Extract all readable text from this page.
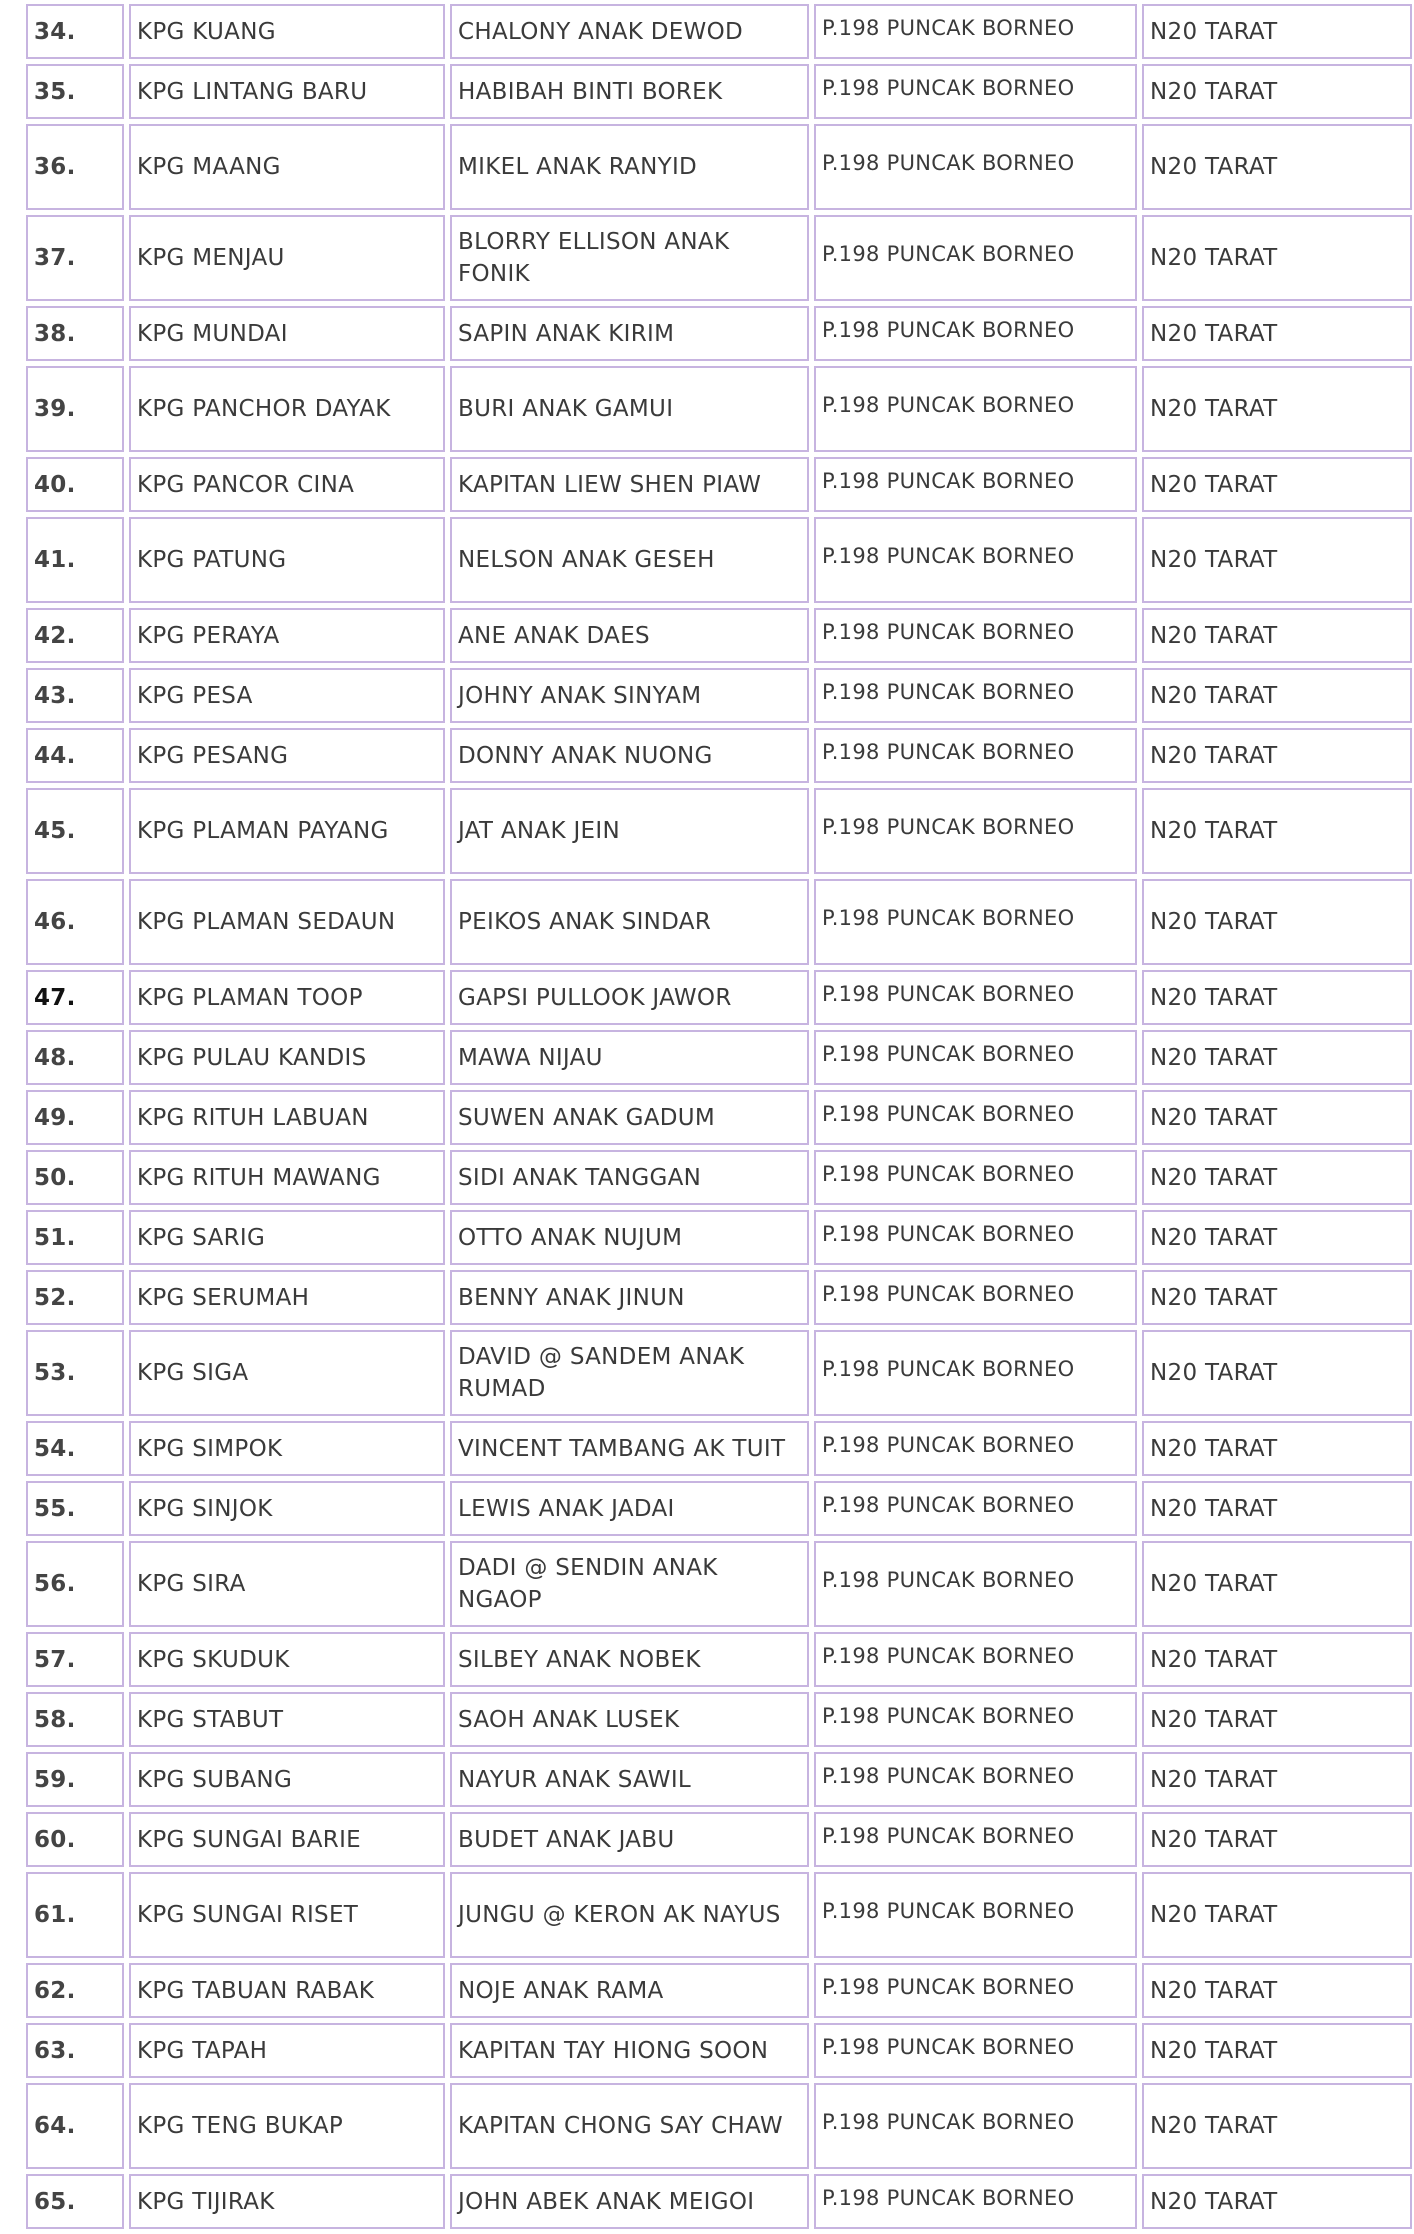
34.	KPG KUANG	CHALONY ANAK DEWOD	P.198 PUNCAK BORNEO	N20 TARAT
35.	KPG LINTANG BARU	HABIBAH BINTI BOREK	P.198 PUNCAK BORNEO	N20 TARAT
36.	KPG MAANG	MIKEL ANAK RANYID	P.198 PUNCAK BORNEO	N20 TARAT
37.	KPG MENJAU	BLORRY ELLISON ANAK FONIK	P.198 PUNCAK BORNEO	N20 TARAT
38.	KPG MUNDAI	SAPIN ANAK KIRIM	P.198 PUNCAK BORNEO	N20 TARAT
39.	KPG PANCHOR DAYAK	BURI ANAK GAMUI	P.198 PUNCAK BORNEO	N20 TARAT
40.	KPG PANCOR CINA	KAPITAN LIEW SHEN PIAW	P.198 PUNCAK BORNEO	N20 TARAT
41.	KPG PATUNG	NELSON ANAK GESEH	P.198 PUNCAK BORNEO	N20 TARAT
42.	KPG PERAYA	ANE ANAK DAES	P.198 PUNCAK BORNEO	N20 TARAT
43.	KPG PESA	JOHNY ANAK SINYAM	P.198 PUNCAK BORNEO	N20 TARAT
44.	KPG PESANG	DONNY ANAK NUONG	P.198 PUNCAK BORNEO	N20 TARAT
45.	KPG PLAMAN PAYANG	JAT ANAK JEIN	P.198 PUNCAK BORNEO	N20 TARAT
46.	KPG PLAMAN SEDAUN	PEIKOS ANAK SINDAR	P.198 PUNCAK BORNEO	N20 TARAT
47.	KPG PLAMAN TOOP	GAPSI PULLOOK JAWOR	P.198 PUNCAK BORNEO	N20 TARAT
48.	KPG PULAU KANDIS	MAWA NIJAU	P.198 PUNCAK BORNEO	N20 TARAT
49.	KPG RITUH LABUAN	SUWEN ANAK GADUM	P.198 PUNCAK BORNEO	N20 TARAT
50.	KPG RITUH MAWANG	SIDI ANAK TANGGAN	P.198 PUNCAK BORNEO	N20 TARAT
51.	KPG SARIG	OTTO ANAK NUJUM	P.198 PUNCAK BORNEO	N20 TARAT
52.	KPG SERUMAH	BENNY ANAK JINUN	P.198 PUNCAK BORNEO	N20 TARAT
53.	KPG SIGA	DAVID @ SANDEM ANAK RUMAD	P.198 PUNCAK BORNEO	N20 TARAT
54.	KPG SIMPOK	VINCENT TAMBANG AK TUIT	P.198 PUNCAK BORNEO	N20 TARAT
55.	KPG SINJOK	LEWIS ANAK JADAI	P.198 PUNCAK BORNEO	N20 TARAT
56.	KPG SIRA	DADI @ SENDIN ANAK NGAOP	P.198 PUNCAK BORNEO	N20 TARAT
57.	KPG SKUDUK	SILBEY ANAK NOBEK	P.198 PUNCAK BORNEO	N20 TARAT
58.	KPG STABUT	SAOH ANAK LUSEK	P.198 PUNCAK BORNEO	N20 TARAT
59.	KPG SUBANG	NAYUR ANAK SAWIL	P.198 PUNCAK BORNEO	N20 TARAT
60.	KPG SUNGAI BARIE	BUDET ANAK JABU	P.198 PUNCAK BORNEO	N20 TARAT
61.	KPG SUNGAI RISET	JUNGU @ KERON AK NAYUS	P.198 PUNCAK BORNEO	N20 TARAT
62.	KPG TABUAN RABAK	NOJE ANAK RAMA	P.198 PUNCAK BORNEO	N20 TARAT
63.	KPG TAPAH	KAPITAN TAY HIONG SOON	P.198 PUNCAK BORNEO	N20 TARAT
64.	KPG TENG BUKAP	KAPITAN CHONG SAY CHAW	P.198 PUNCAK BORNEO	N20 TARAT
65.	KPG TIJIRAK	JOHN ABEK ANAK MEIGOI	P.198 PUNCAK BORNEO	N20 TARAT
